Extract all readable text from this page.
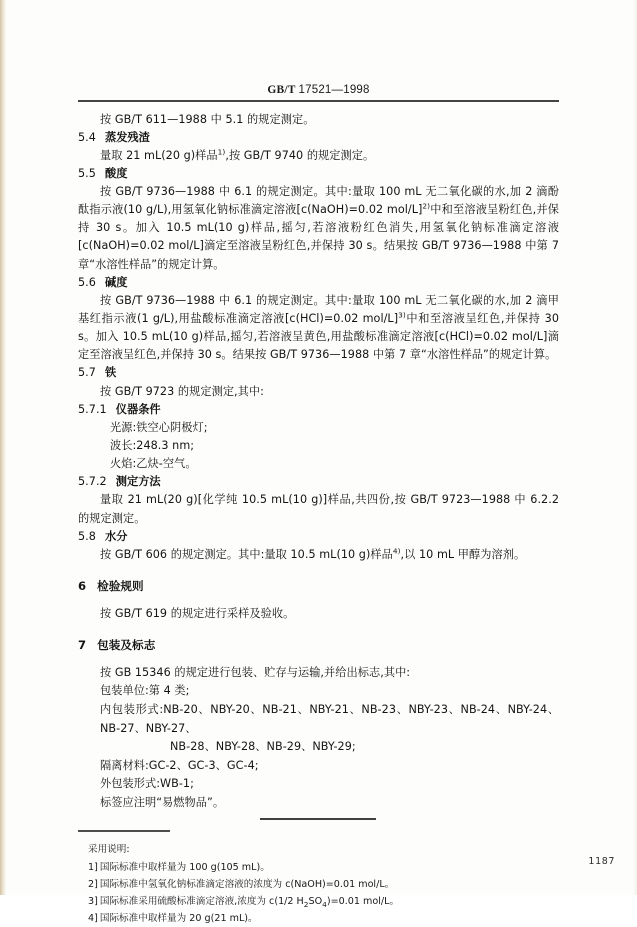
GB/T 17521—1998

按 GB/T 611—1988 中 5.1 的规定测定。

5.4 蒸发残渣

量取 21 mL(20 g)样品$^{1)}$,按 GB/T 9740 的规定测定。

5.5 酸度

按 GB/T 9736—1988 中 6.1 的规定测定。其中:量取 100 mL 无二氧化碳的水,加 2 滴酚酞指示液(10 g/L),用氢氧化钠标准滴定溶液[c(NaOH)=0.02 mol/L]$^{2)}$中和至溶液呈粉红色,并保持 30 s。加入 10.5 mL(10 g)样品,摇匀,若溶液粉红色消失,用氢氧化钠标准滴定溶液[c(NaOH)=0.02 mol/L]滴定至溶液呈粉红色,并保持 30 s。结果按 GB/T 9736—1988 中第 7 章“水溶性样品”的规定计算。

5.6 碱度

按 GB/T 9736—1988 中 6.1 的规定测定。其中:量取 100 mL 无二氧化碳的水,加 2 滴甲基红指示液(1 g/L),用盐酸标准滴定溶液[c(HCl)=0.02 mol/L]$^{3)}$中和至溶液呈红色,并保持 30 s。加入 10.5 mL(10 g)样品,摇匀,若溶液呈黄色,用盐酸标准滴定溶液[c(HCl)=0.02 mol/L]滴定至溶液呈红色,并保持 30 s。结果按 GB/T 9736—1988 中第 7 章“水溶性样品”的规定计算。

5.7 铁

按 GB/T 9723 的规定测定,其中:

5.7.1 仪器条件

光源:铁空心阴极灯;

波长:248.3 nm;

火焰:乙炔-空气。

5.7.2 测定方法

量取 21 mL(20 g)[化学纯 10.5 mL(10 g)]样品,共四份,按 GB/T 9723—1988 中 6.2.2 的规定测定。

5.8 水分

按 GB/T 606 的规定测定。其中:量取 10.5 mL(10 g)样品$^{4)}$,以 10 mL 甲醇为溶剂。

6 检验规则

按 GB/T 619 的规定进行采样及验收。

7 包装及标志

按 GB 15346 的规定进行包装、贮存与运输,并给出标志,其中:

包装单位:第 4 类;

内包装形式:NB-20、NBY-20、NB-21、NBY-21、NB-23、NBY-23、NB-24、NBY-24、NB-27、NBY-27、

NB-28、NBY-28、NB-29、NBY-29;

隔离材料:GC-2、GC-3、GC-4;

外包装形式:WB-1;

标签应注明“易燃物品”。

采用说明:

1] 国际标准中取样量为 100 g(105 mL)。

2] 国际标准中氢氧化钠标准滴定溶液的浓度为 c(NaOH)=0.01 mol/L。

3] 国际标准采用硫酸标准滴定溶液,浓度为 c(1/2 $H_2SO_4)=0.01$ mol/L。

4] 国际标准中取样量为 20 g(21 mL)。

1187
